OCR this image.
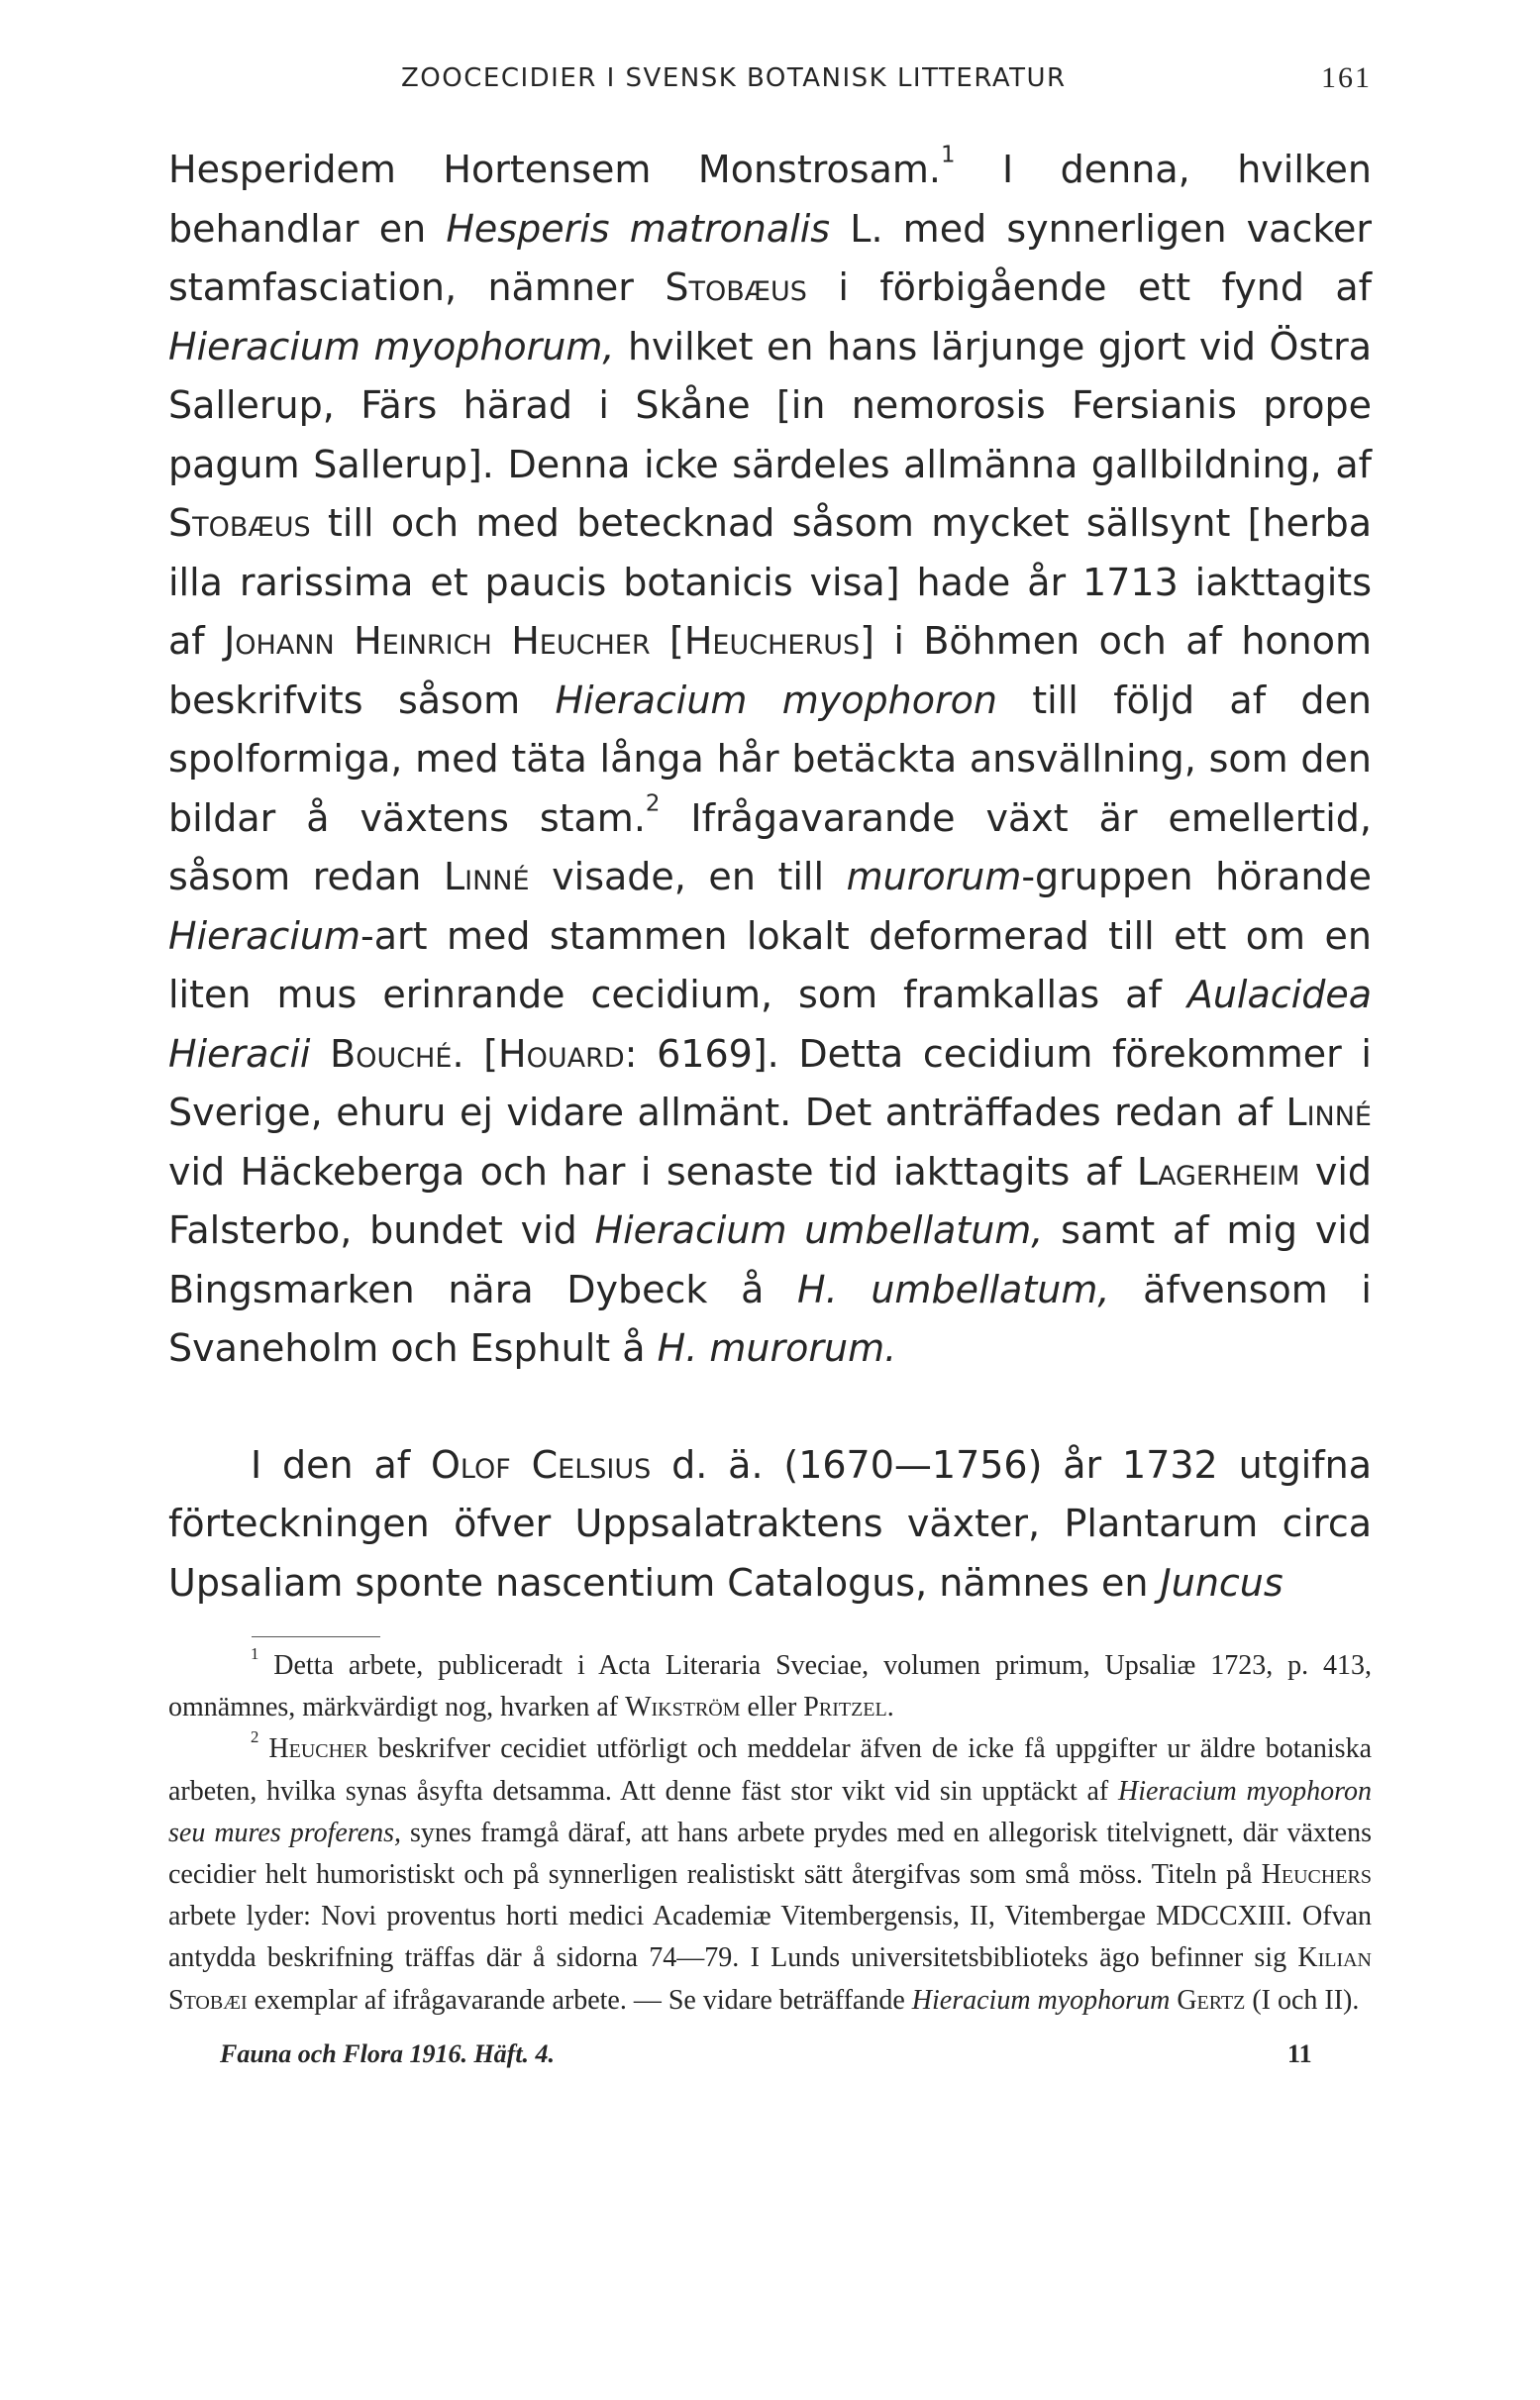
ZOOCECIDIER I SVENSK BOTANISK LITTERATUR	161

Hesperidem Hortensem Monstrosam.$^1$ I denna, hvilken behandlar en Hesperis matronalis L. med synnerligen vacker stamfasciation, nämner Stobæus i förbigående ett fynd af Hieracium myophorum, hvilket en hans lärjunge gjort vid Östra Sallerup, Färs härad i Skåne [in nemorosis Fersianis prope pagum Sallerup]. Denna icke särdeles allmänna gallbildning, af Stobæus till och med betecknad såsom mycket sällsynt [herba illa rarissima et paucis botanicis visa] hade år 1713 iakttagits af Johann Heinrich Heucher [Heucherus] i Böhmen och af honom beskrifvits såsom Hieracium myophoron till följd af den spolformiga, med täta långa hår betäckta ansvällning, som den bildar å växtens stam.$^2$ Ifrågavarande växt är emellertid, såsom redan Linné visade, en till murorum-gruppen hörande Hieracium-art med stammen lokalt deformerad till ett om en liten mus erinrande cecidium, som framkallas af Aulacidea Hieracii Bouché. [Houard: 6169]. Detta cecidium förekommer i Sverige, ehuru ej vidare allmänt. Det anträffades redan af Linné vid Häckeberga och har i senaste tid iakttagits af Lagerheim vid Falsterbo, bundet vid Hieracium umbellatum, samt af mig vid Bingsmarken nära Dybeck å H. umbellatum, äfvensom i Svaneholm och Esphult å H. murorum.

I den af Olof Celsius d. ä. (1670—1756) år 1732 utgifna förteckningen öfver Uppsalatraktens växter, Plantarum circa Upsaliam sponte nascentium Catalogus, nämnes en Juncus

$^1$ Detta arbete, publiceradt i Acta Literaria Sveciae, volumen primum, Upsaliæ 1723, p. 413, omnämnes, märkvärdigt nog, hvarken af Wikström eller Pritzel.

$^2$ Heucher beskrifver cecidiet utförligt och meddelar äfven de icke få uppgifter ur äldre botaniska arbeten, hvilka synas åsyfta detsamma. Att denne fäst stor vikt vid sin upptäckt af Hieracium myophoron seu mures proferens, synes framgå däraf, att hans arbete prydes med en allegorisk titelvignett, där växtens cecidier helt humoristiskt och på synnerligen realistiskt sätt återgifvas som små möss. Titeln på Heuchers arbete lyder: Novi proventus horti medici Academiæ Vitembergensis, II, Vitembergae MDCCXIII. Ofvan antydda beskrifning träffas där å sidorna 74—79. I Lunds universitetsbiblioteks ägo befinner sig Kilian Stobæi exemplar af ifrågavarande arbete. — Se vidare beträffande Hieracium myophorum Gertz (I och II).

Fauna och Flora 1916. Häft. 4.	11
